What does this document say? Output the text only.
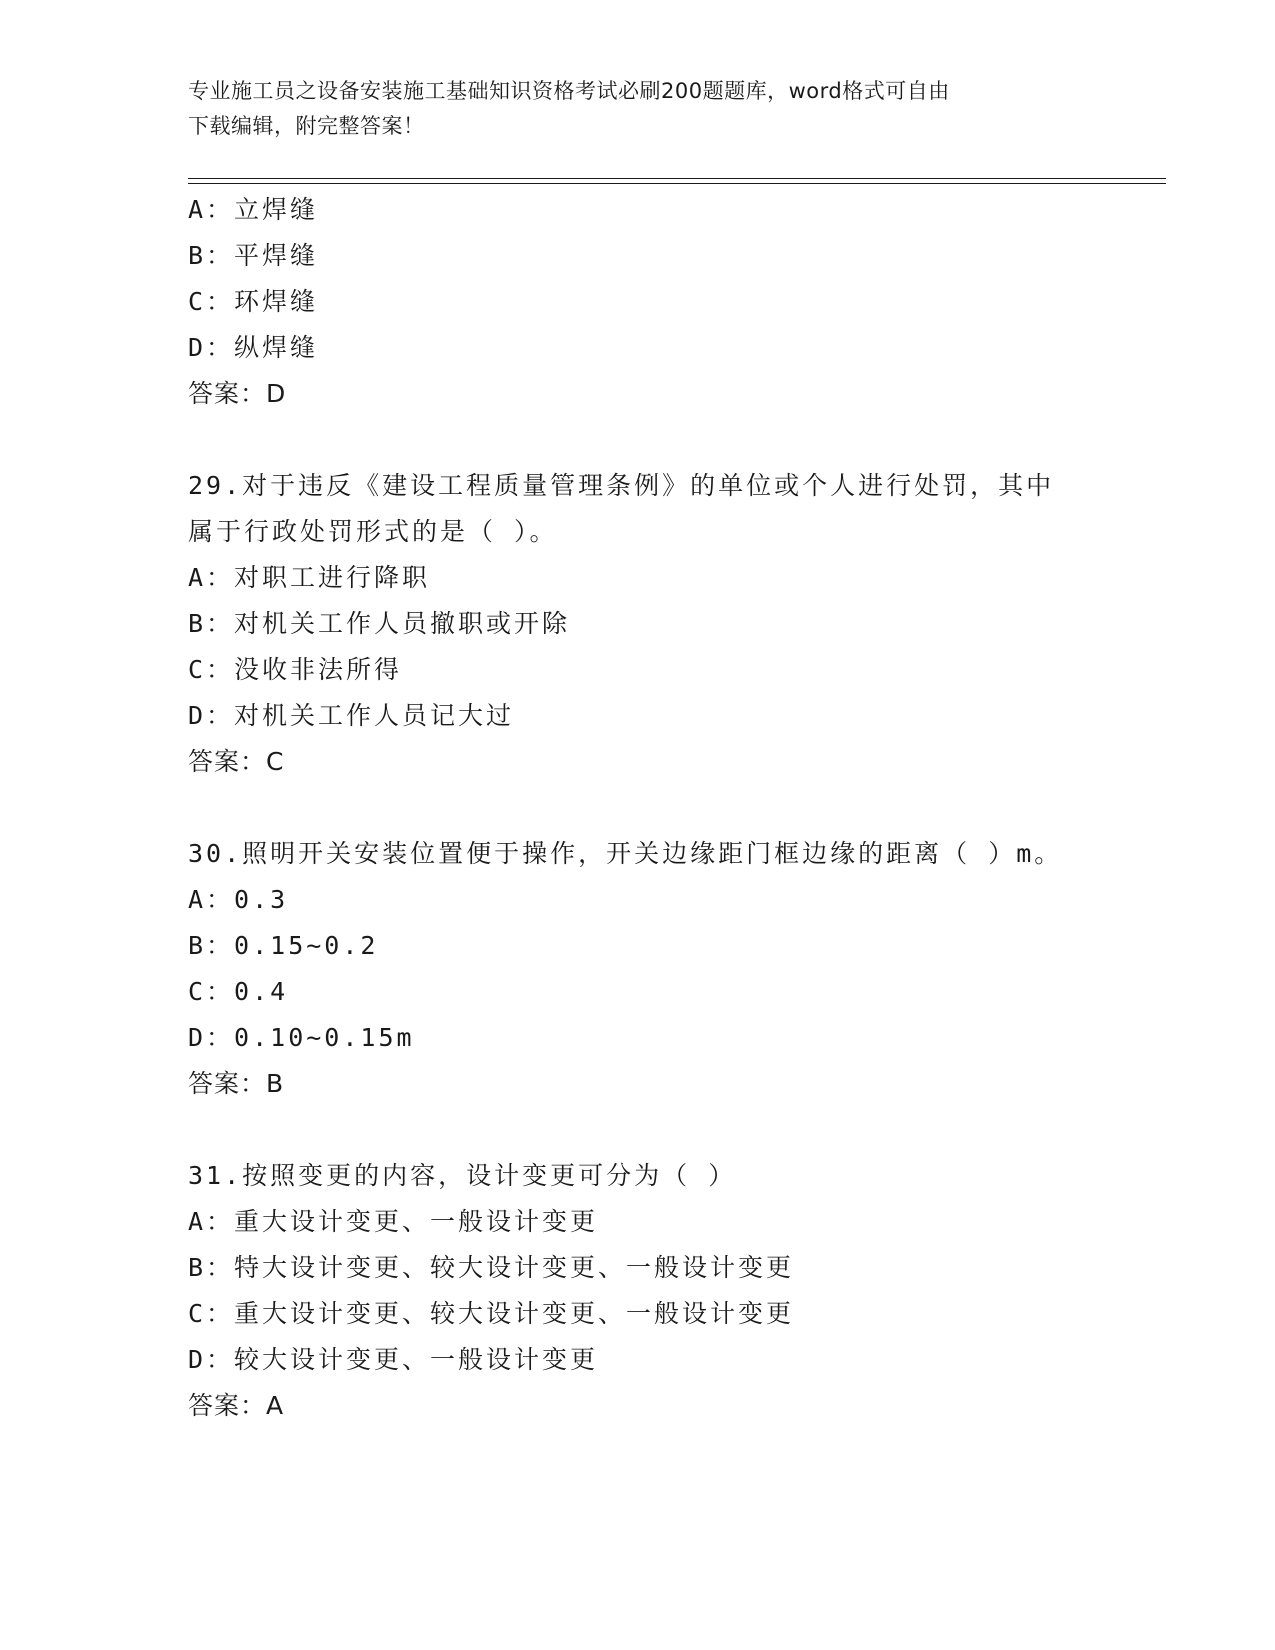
专业施工员之设备安装施工基础知识资格考试必刷200题题库，word格式可自由
下载编辑，附完整答案！
A：立焊缝
B：平焊缝
C：环焊缝
D：纵焊缝
答案：D
29.对于违反《建设工程质量管理条例》的单位或个人进行处罚，其中
属于行政处罚形式的是（ ）。
A：对职工进行降职
B：对机关工作人员撤职或开除
C：没收非法所得
D：对机关工作人员记大过
答案：C
30.照明开关安装位置便于操作，开关边缘距门框边缘的距离（ ）m。
A：0.3
B：0.15~0.2
C：0.4
D：0.10~0.15m
答案：B
31.按照变更的内容，设计变更可分为（ ）
A：重大设计变更、一般设计变更
B：特大设计变更、较大设计变更、一般设计变更
C：重大设计变更、较大设计变更、一般设计变更
D：较大设计变更、一般设计变更
答案：A
